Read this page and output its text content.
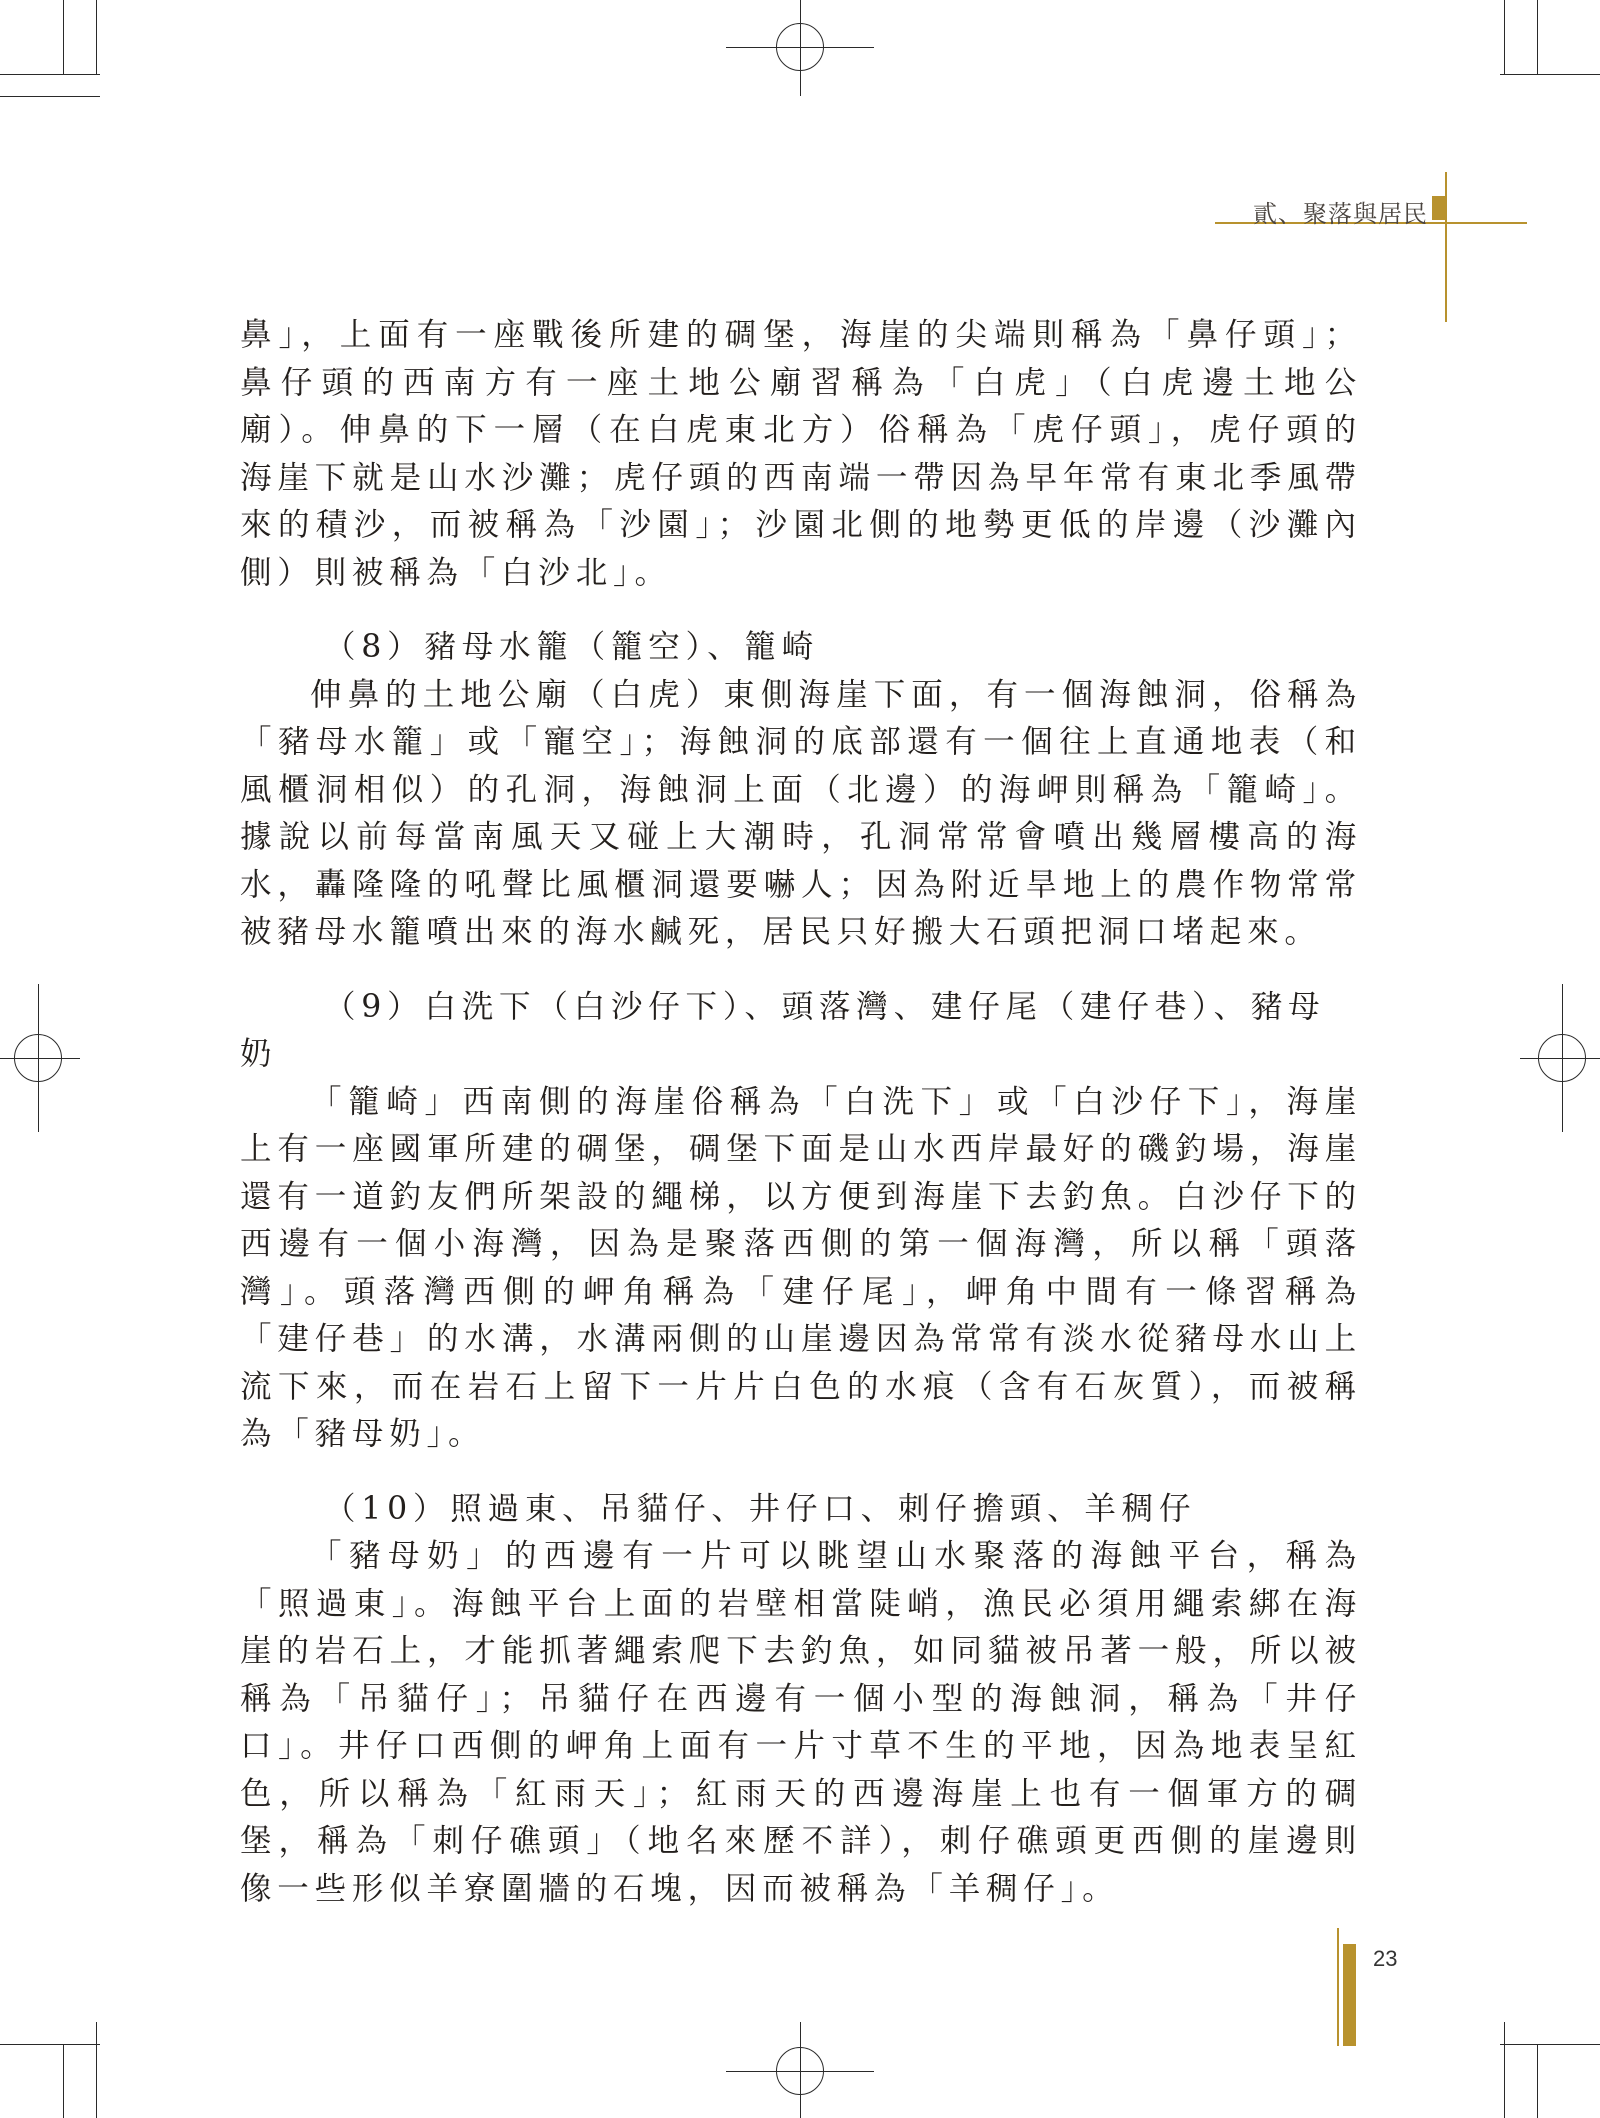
貳、聚落與居民

鼻」，上面有一座戰後所建的碉堡，海崖的尖端則稱為「鼻仔頭」；鼻仔頭的西南方有一座土地公廟習稱為「白虎」（白虎邊土地公廟）。伸鼻的下一層（在白虎東北方）俗稱為「虎仔頭」，虎仔頭的海崖下就是山水沙灘；虎仔頭的西南端一帶因為早年常有東北季風帶來的積沙，而被稱為「沙園」；沙園北側的地勢更低的岸邊（沙灘內側）則被稱為「白沙北」。

（8）豬母水籠（籠空）、籠崎

伸鼻的土地公廟（白虎）東側海崖下面，有一個海蝕洞，俗稱為「豬母水籠」或「寵空」；海蝕洞的底部還有一個往上直通地表（和風櫃洞相似）的孔洞，海蝕洞上面（北邊）的海岬則稱為「籠崎」。據說以前每當南風天又碰上大潮時，孔洞常常會噴出幾層樓高的海水，轟隆隆的吼聲比風櫃洞還要嚇人；因為附近旱地上的農作物常常被豬母水籠噴出來的海水鹹死，居民只好搬大石頭把洞口堵起來。

（9）白洗下（白沙仔下）、頭落灣、建仔尾（建仔巷）、豬母奶

「籠崎」西南側的海崖俗稱為「白洗下」或「白沙仔下」，海崖上有一座國軍所建的碉堡，碉堡下面是山水西岸最好的磯釣場，海崖還有一道釣友們所架設的繩梯，以方便到海崖下去釣魚。白沙仔下的西邊有一個小海灣，因為是聚落西側的第一個海灣，所以稱「頭落灣」。頭落灣西側的岬角稱為「建仔尾」，岬角中間有一條習稱為「建仔巷」的水溝，水溝兩側的山崖邊因為常常有淡水從豬母水山上流下來，而在岩石上留下一片片白色的水痕（含有石灰質），而被稱為「豬母奶」。

（10）照過東、吊貓仔、井仔口、刺仔擔頭、羊稠仔

「豬母奶」的西邊有一片可以眺望山水聚落的海蝕平台，稱為「照過東」。海蝕平台上面的岩壁相當陡峭，漁民必須用繩索綁在海崖的岩石上，才能抓著繩索爬下去釣魚，如同貓被吊著一般，所以被稱為「吊貓仔」；吊貓仔在西邊有一個小型的海蝕洞，稱為「井仔口」。井仔口西側的岬角上面有一片寸草不生的平地，因為地表呈紅色，所以稱為「紅雨天」；紅雨天的西邊海崖上也有一個軍方的碉堡，稱為「刺仔礁頭」（地名來歷不詳），刺仔礁頭更西側的崖邊則像一些形似羊寮圍牆的石塊，因而被稱為「羊稠仔」。

23
